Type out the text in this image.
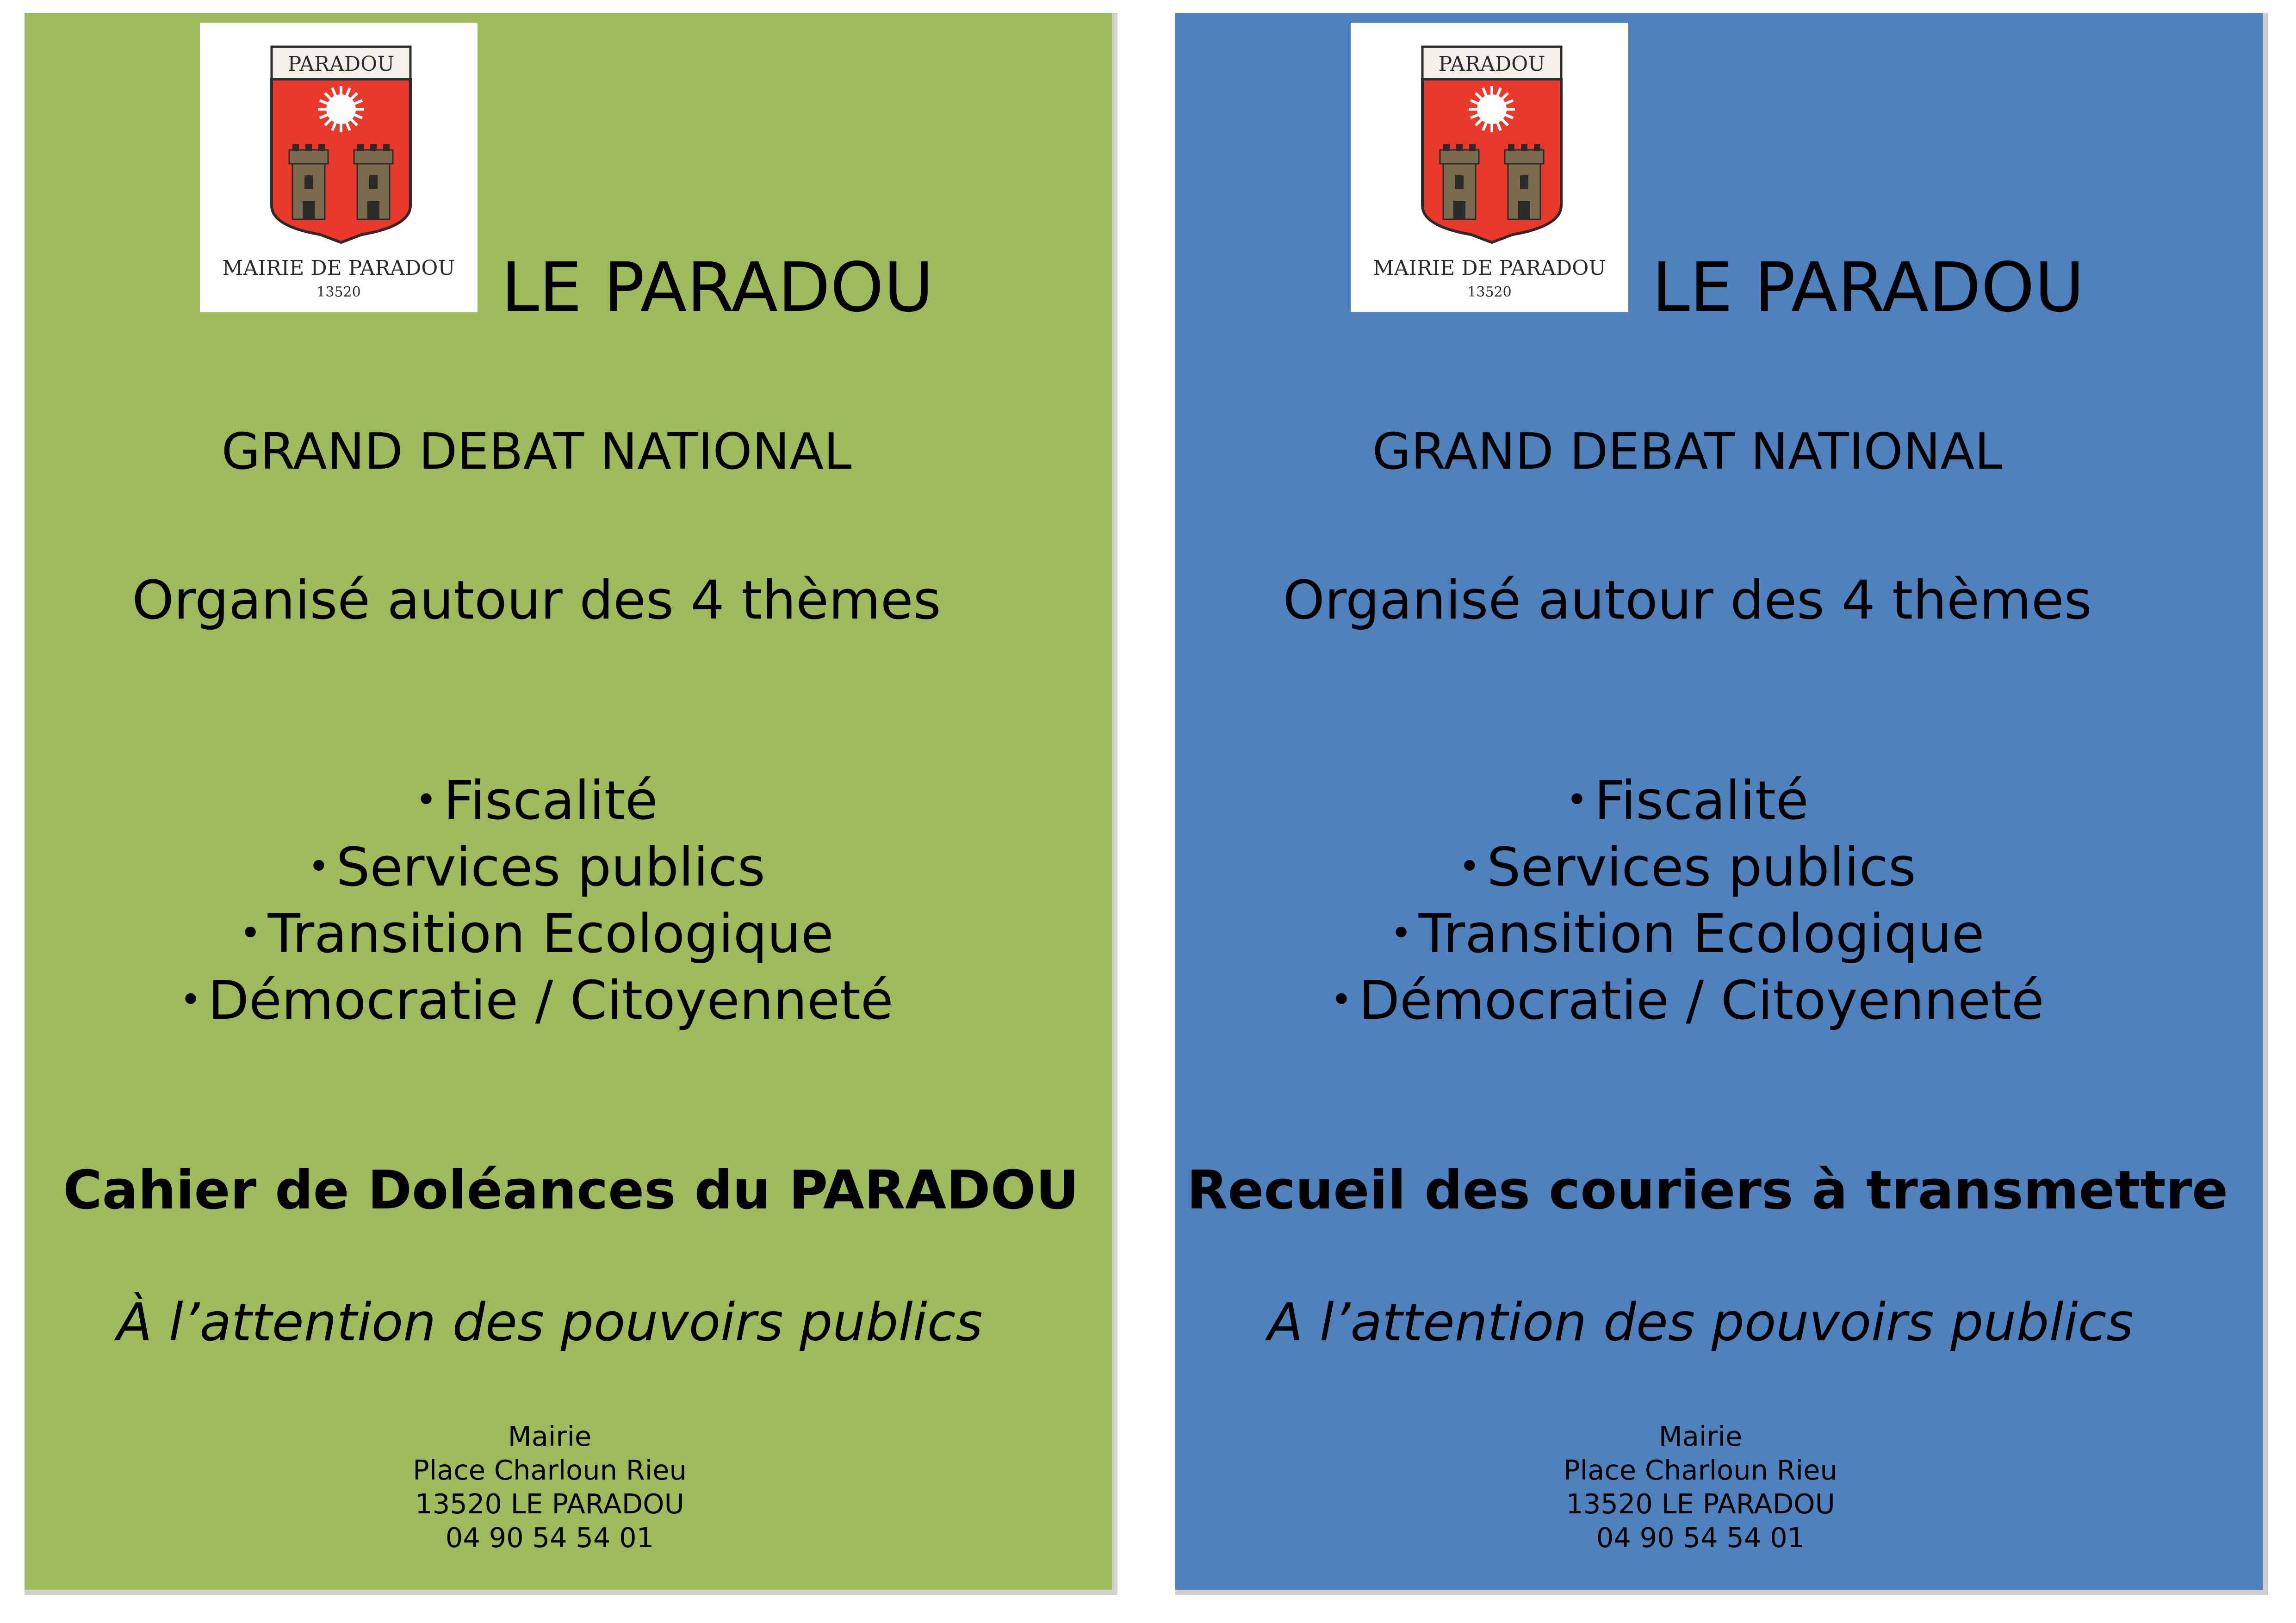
PARADOU
MAIRIE DE PARADOU
13520 LE PARADOU
GRAND DEBAT NATIONAL
Organisé autour des 4 thèmes
• Fiscalité
• Services publics
• Transition Ecologique
• Démocratie / Citoyenneté
Cahier de Doléances du PARADOU
À l’attention des pouvoirs publics
Mairie
Place Charloun Rieu
13520 LE PARADOU
04 90 54 54 01
PARADOU
MAIRIE DE PARADOU
13520 LE PARADOU
GRAND DEBAT NATIONAL
Organisé autour des 4 thèmes
• Fiscalité
• Services publics
• Transition Ecologique
• Démocratie / Citoyenneté
Recueil des couriers à transmettre
A l’attention des pouvoirs publics
Mairie
Place Charloun Rieu
13520 LE PARADOU
04 90 54 54 01
